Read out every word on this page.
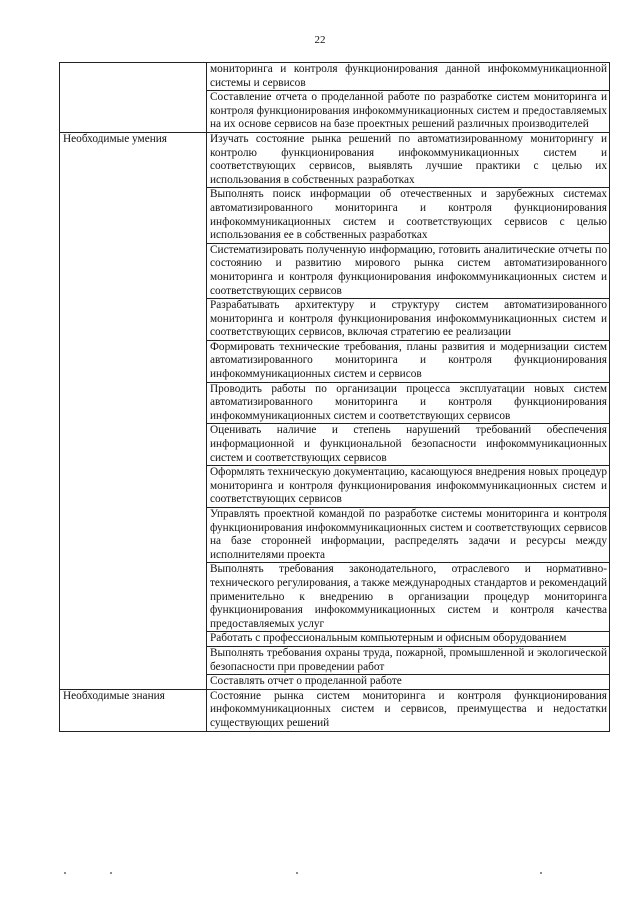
22
	мониторинга и контроля функционирования данной инфокоммуникационной системы и сервисов
	Составление отчета о проделанной работе по разработке систем мониторинга и контроля функционирования инфокоммуникационных систем и предоставляемых на их основе сервисов на базе проектных решений различных производителей
Необходимые умения	Изучать состояние рынка решений по автоматизированному мониторингу и контролю функционирования инфокоммуникационных систем и соответствующих сервисов, выявлять лучшие практики с целью их использования в собственных разработках
	Выполнять поиск информации об отечественных и зарубежных системах автоматизированного мониторинга и контроля функционирования инфокоммуникационных систем и соответствующих сервисов с целью использования ее в собственных разработках
	Систематизировать полученную информацию, готовить аналитические отчеты по состоянию и развитию мирового рынка систем автоматизированного мониторинга и контроля функционирования инфокоммуникационных систем и соответствующих сервисов
	Разрабатывать архитектуру и структуру систем автоматизированного мониторинга и контроля функционирования инфокоммуникационных систем и соответствующих сервисов, включая стратегию ее реализации
	Формировать технические требования, планы развития и модернизации систем автоматизированного мониторинга и контроля функционирования инфокоммуникационных систем и сервисов
	Проводить работы по организации процесса эксплуатации новых систем автоматизированного мониторинга и контроля функционирования инфокоммуникационных систем и соответствующих сервисов
	Оценивать наличие и степень нарушений требований обеспечения информационной и функциональной безопасности инфокоммуникационных систем и соответствующих сервисов
	Оформлять техническую документацию, касающуюся внедрения новых процедур мониторинга и контроля функционирования инфокоммуникационных систем и соответствующих сервисов
	Управлять проектной командой по разработке системы мониторинга и контроля функционирования инфокоммуникационных систем и соответствующих сервисов на базе сторонней информации, распределять задачи и ресурсы между исполнителями проекта
	Выполнять требования законодательного, отраслевого и нормативно-технического регулирования, а также международных стандартов и рекомендаций применительно к внедрению в организации процедур мониторинга функционирования инфокоммуникационных систем и контроля качества предоставляемых услуг
	Работать с профессиональным компьютерным и офисным оборудованием
	Выполнять требования охраны труда, пожарной, промышленной и экологической безопасности при проведении работ
	Составлять отчет о проделанной работе
Необходимые знания	Состояние рынка систем мониторинга и контроля функционирования инфокоммуникационных систем и сервисов, преимущества и недостатки существующих решений
